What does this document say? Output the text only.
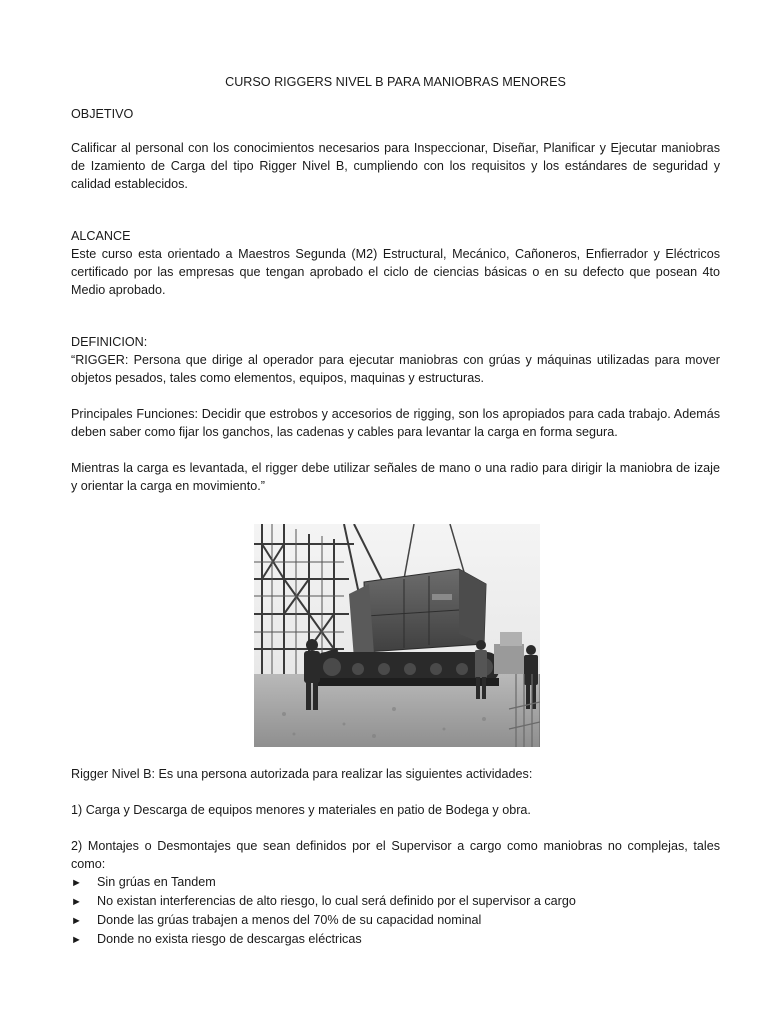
CURSO RIGGERS NIVEL B PARA MANIOBRAS MENORES

OBJETIVO

Calificar al personal con los conocimientos necesarios para Inspeccionar, Diseñar, Planificar y Ejecutar maniobras de Izamiento de Carga del tipo Rigger Nivel B, cumpliendo con los requisitos y los estándares de seguridad y calidad establecidos.

ALCANCE

Este curso esta orientado a Maestros Segunda (M2) Estructural, Mecánico, Cañoneros, Enfierrador y Eléctricos certificado por las empresas que tengan aprobado el ciclo de ciencias básicas o en su defecto que posean 4to Medio aprobado.

DEFINICION:

“RIGGER: Persona que dirige al operador para ejecutar maniobras con grúas y máquinas utilizadas para mover objetos pesados, tales como elementos, equipos, maquinas y estructuras.

Principales Funciones: Decidir que estrobos y accesorios de rigging, son los apropiados para cada trabajo. Además deben saber como fijar los ganchos, las cadenas y cables para levantar la carga en forma segura.

Mientras la carga es levantada, el rigger debe utilizar señales de mano o una radio para dirigir la maniobra de izaje y orientar la carga en movimiento.”

Rigger Nivel B: Es una persona autorizada para realizar las siguientes actividades:

1) Carga y Descarga de equipos menores y materiales en patio de Bodega y obra.

2) Montajes o Desmontajes que sean definidos por el Supervisor a cargo como maniobras no complejas, tales como:

►	Sin grúas en Tandem
►	No existan interferencias de alto riesgo, lo cual será definido por el supervisor a cargo
►	Donde las grúas trabajen a menos del 70% de su capacidad nominal
►	Donde no exista riesgo de descargas eléctricas
